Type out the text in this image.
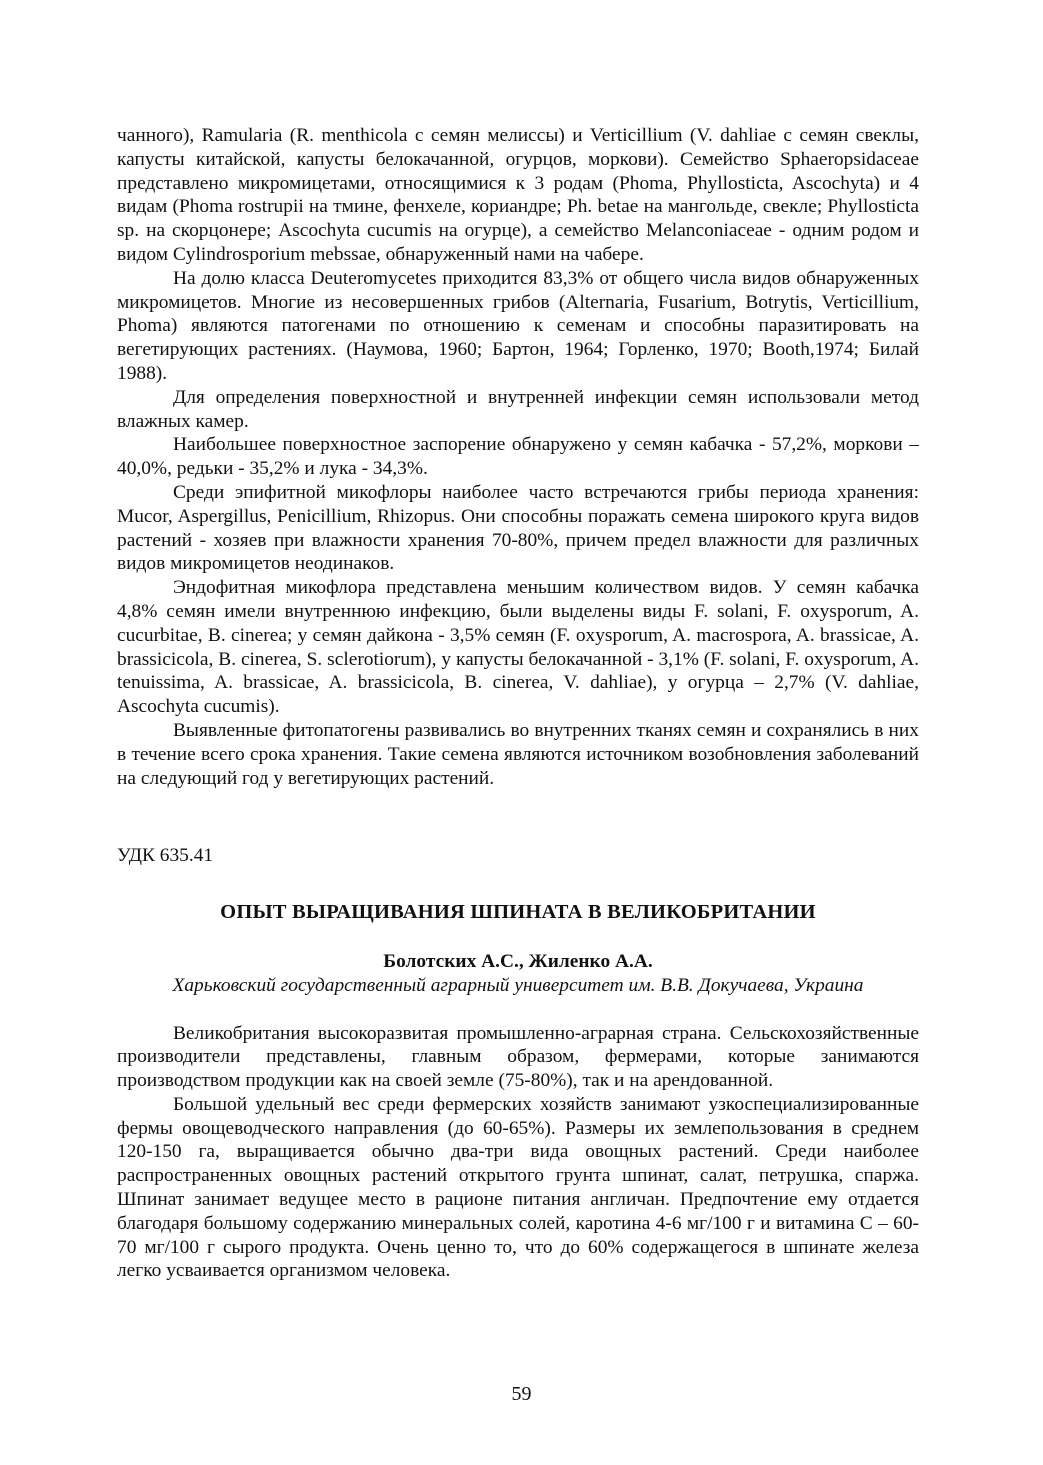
чанного), Ramularia (R. menthicola с семян мелиссы) и Verticillium (V. dahliae с семян свеклы, капусты китайской, капусты белокачанной, огурцов, моркови). Семейство Sphaeropsidaceae представлено микромицетами, относящимися к 3 родам (Phoma, Phyllosticta, Ascochyta) и 4 видам (Phoma rostrupii на тмине, фенхеле, кориандре; Ph. betae на мангольде, свекле; Phyllosticta sp. на скорцонере; Ascochyta cucumis на огурце), а семейство Melanconiaceae - одним родом и видом Cylindrosporium mebssae, обнаруженный нами на чабере.

На долю класса Deuteromycetes приходится 83,3% от общего числа видов обнаруженных микромицетов. Многие из несовершенных грибов (Alternaria, Fusarium, Botrytis, Verticillium, Phoma) являются патогенами по отношению к семенам и способны паразитировать на вегетирующих растениях. (Наумова, 1960; Бартон, 1964; Горленко, 1970; Booth,1974; Билай 1988).

Для определения поверхностной и внутренней инфекции семян использовали метод влажных камер.

Наибольшее поверхностное заспорение обнаружено у семян кабачка - 57,2%, моркови – 40,0%, редьки - 35,2% и лука - 34,3%.

Среди эпифитной микофлоры наиболее часто встречаются грибы периода хранения: Mucor, Aspergillus, Penicillium, Rhizopus. Они способны поражать семена широкого круга видов растений - хозяев при влажности хранения 70-80%, причем предел влажности для различных видов микромицетов неодинаков.

Эндофитная микофлора представлена меньшим количеством видов. У семян кабачка 4,8% семян имели внутреннюю инфекцию, были выделены виды F. solani, F. oxysporum, A. cucurbitae, B. cinerea; у семян дайкона - 3,5% семян (F. oxysporum, A. macrospora, A. brassicae, A. brassicicola, B. cinerea, S. sclerotiorum), у капусты белокачанной - 3,1% (F. solani, F. oxysporum, A. tenuissima, A. brassicae, A. brassicicola, B. cinerea, V. dahliae), у огурца – 2,7% (V. dahliae, Ascochyta cucumis).

Выявленные фитопатогены развивались во внутренних тканях семян и сохранялись в них в течение всего срока хранения. Такие семена являются источником возобновления заболеваний на следующий год у вегетирующих растений.

УДК 635.41

ОПЫТ ВЫРАЩИВАНИЯ ШПИНАТА В ВЕЛИКОБРИТАНИИ

Болотских А.С., Жиленко А.А.

Харьковский государственный аграрный университет им. В.В. Докучаева, Украина

Великобритания высокоразвитая промышленно-аграрная страна. Сельскохозяйственные производители представлены, главным образом, фермерами, которые занимаются производством продукции как на своей земле (75-80%), так и на арендованной.

Большой удельный вес среди фермерских хозяйств занимают узкоспециализированные фермы овощеводческого направления (до 60-65%). Размеры их землепользования в среднем 120-150 га, выращивается обычно два-три вида овощных растений. Среди наиболее распространенных овощных растений открытого грунта шпинат, салат, петрушка, спаржа. Шпинат занимает ведущее место в рационе питания англичан. Предпочтение ему отдается благодаря большому содержанию минеральных солей, каротина 4-6 мг/100 г и витамина С – 60-70 мг/100 г сырого продукта. Очень ценно то, что до 60% содержащегося в шпинате железа легко усваивается организмом человека.

59
